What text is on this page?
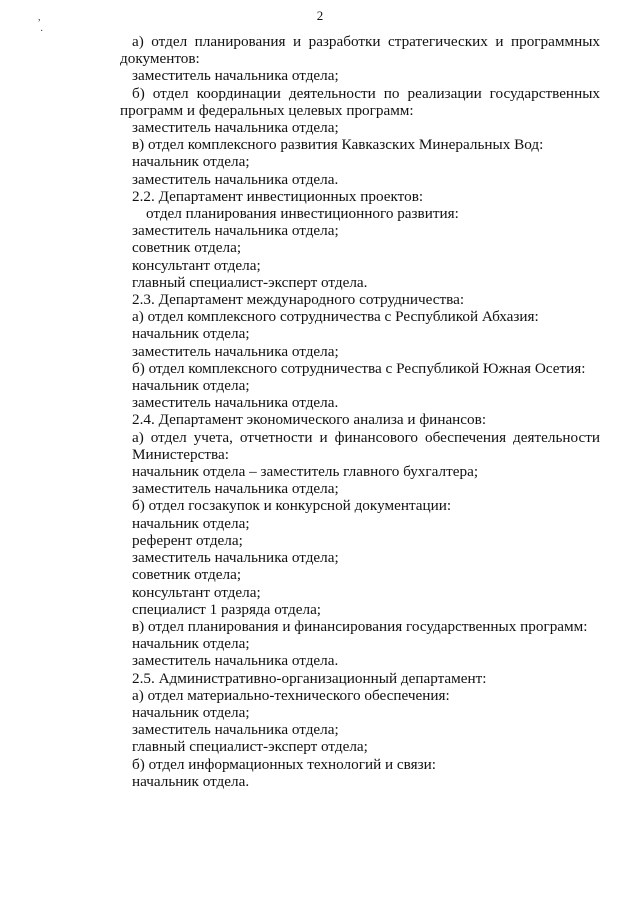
2
,
·

а) отдел планирования и разработки стратегических и программных

документов:

заместитель начальника отдела;

б) отдел координации деятельности по реализации государственных

программ и федеральных целевых программ:

заместитель начальника отдела;

в) отдел комплексного развития Кавказских Минеральных Вод:

начальник отдела;

заместитель начальника отдела.

2.2. Департамент инвестиционных проектов:

отдел планирования инвестиционного развития:

заместитель начальника отдела;

советник отдела;

консультант отдела;

главный специалист-эксперт отдела.

2.3. Департамент международного сотрудничества:

а) отдел комплексного сотрудничества с Республикой Абхазия:

начальник отдела;

заместитель начальника отдела;

б) отдел комплексного сотрудничества с Республикой Южная Осетия:

начальник отдела;

заместитель начальника отдела.

2.4. Департамент экономического анализа и финансов:

а) отдел учета, отчетности и финансового обеспечения деятельности

Министерства:

начальник отдела – заместитель главного бухгалтера;

заместитель начальника отдела;

б) отдел госзакупок и конкурсной документации:

начальник отдела;

референт отдела;

заместитель начальника отдела;

советник отдела;

консультант отдела;

специалист 1 разряда отдела;

в) отдел планирования и финансирования государственных программ:

начальник отдела;

заместитель начальника отдела.

2.5. Административно-организационный департамент:

а) отдел материально-технического обеспечения:

начальник отдела;

заместитель начальника отдела;

главный специалист-эксперт отдела;

б) отдел информационных технологий и связи:

начальник отдела.
